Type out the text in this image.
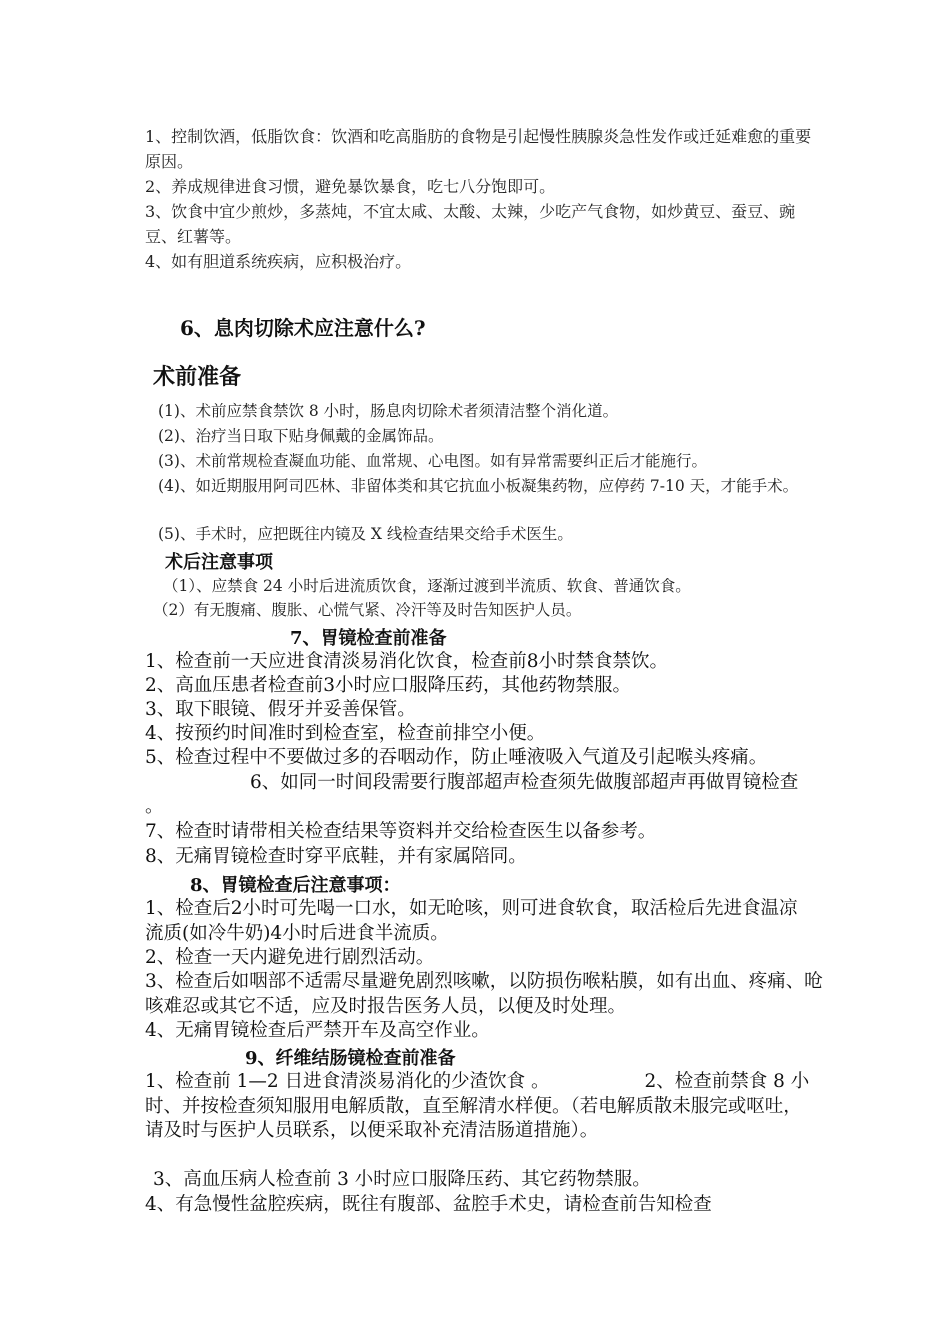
1、控制饮酒，低脂饮食：饮酒和吃高脂肪的食物是引起慢性胰腺炎急性发作或迁延难愈的重要原因。

2、养成规律进食习惯，避免暴饮暴食，吃七八分饱即可。

3、饮食中宜少煎炒，多蒸炖，不宜太咸、太酸、太辣，少吃产气食物，如炒黄豆、蚕豆、豌豆、红薯等。

4、如有胆道系统疾病，应积极治疗。

6、息肉切除术应注意什么?
术前准备

(1)、术前应禁食禁饮 8 小时，肠息肉切除术者须清洁整个消化道。

(2)、治疗当日取下贴身佩戴的金属饰品。

(3)、术前常规检查凝血功能、血常规、心电图。如有异常需要纠正后才能施行。

(4)、如近期服用阿司匹林、非留体类和其它抗血小板凝集药物，应停药 7-10 天，才能手术。

(5)、手术时，应把既往内镜及 X 线检查结果交给手术医生。

术后注意事项

（1）、应禁食 24 小时后进流质饮食，逐渐过渡到半流质、软食、普通饮食。

（2）有无腹痛、腹胀、心慌气紧、冷汗等及时告知医护人员。

7、胃镜检查前准备

1、检查前一天应进食清淡易消化饮食，检查前8小时禁食禁饮。

2、高血压患者检查前3小时应口服降压药，其他药物禁服。

3、取下眼镜、假牙并妥善保管。

4、按预约时间准时到检查室，检查前排空小便。

5、检查过程中不要做过多的吞咽动作，防止唾液吸入气道及引起喉头疼痛。6、如同一时间段需要行腹部超声检查须先做腹部超声再做胃镜检查 。

7、检查时请带相关检查结果等资料并交给检查医生以备参考。

8、无痛胃镜检查时穿平底鞋，并有家属陪同。

8、胃镜检查后注意事项：

1、检查后2小时可先喝一口水，如无呛咳，则可进食软食，取活检后先进食温凉流质(如冷牛奶)4小时后进食半流质。

2、检查一天内避免进行剧烈活动。

3、检查后如咽部不适需尽量避免剧烈咳嗽，以防损伤喉粘膜，如有出血、疼痛、呛咳难忍或其它不适，应及时报告医务人员，以便及时处理。

4、无痛胃镜检查后严禁开车及高空作业。

9、纤维结肠镜检查前准备

1、检查前 1—2 日进食清淡易消化的少渣饮食 。	2、检查前禁食 8 小时、并按检查须知服用电解质散，直至解清水样便。（若电解质散未服完或呕吐，请及时与医护人员联系，以便采取补充清洁肠道措施）。

3、高血压病人检查前 3 小时应口服降压药、其它药物禁服。

4、有急慢性盆腔疾病，既往有腹部、盆腔手术史，请检查前告知检查
